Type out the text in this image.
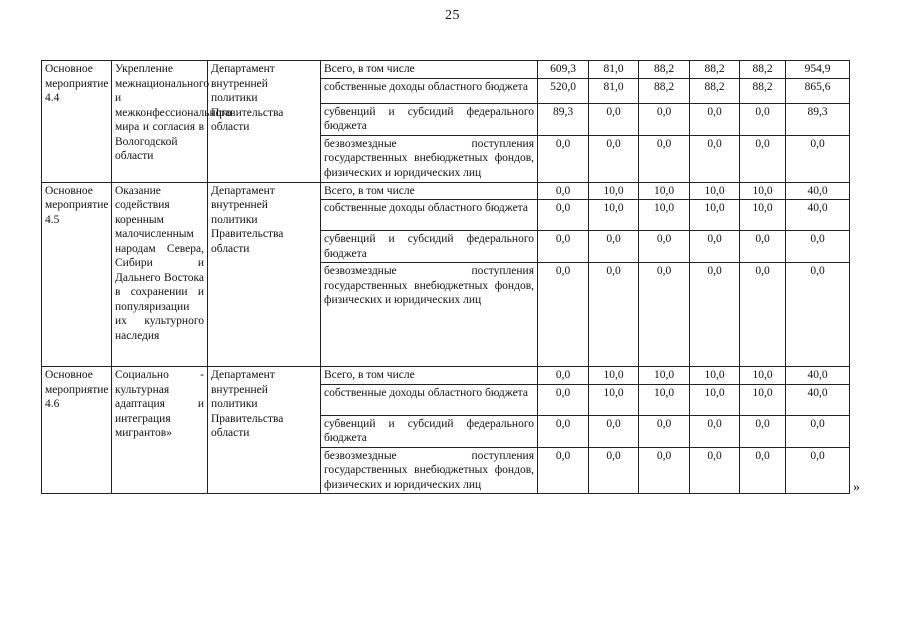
25
Основное мероприятие 4.4	Укрепление межнационального и межконфессионального мира и согласия в Вологодской области	Департамент внутренней политики Правительства области	Всего, в том числе	609,3	81,0	88,2	88,2	88,2	954,9
			собственные доходы областного бюджета	520,0	81,0	88,2	88,2	88,2	865,6
			субвенций и субсидий федерального бюджета	89,3	0,0	0,0	0,0	0,0	89,3
			безвозмездные поступления государственных внебюджетных фондов, физических и юридических лиц	0,0	0,0	0,0	0,0	0,0	0,0
Основное мероприятие 4.5	Оказание содействия коренным малочисленным народам Севера, Сибири и Дальнего Востока в сохранении и популяризации их культурного наследия	Департамент внутренней политики Правительства области	Всего, в том числе	0,0	10,0	10,0	10,0	10,0	40,0
			собственные доходы областного бюджета	0,0	10,0	10,0	10,0	10,0	40,0
			субвенций и субсидий федерального бюджета	0,0	0,0	0,0	0,0	0,0	0,0
			безвозмездные поступления государственных внебюджетных фондов, физических и юридических лиц	0,0	0,0	0,0	0,0	0,0	0,0
Основное мероприятие 4.6	Социально - культурная адаптация и интеграция мигрантов»	Департамент внутренней политики Правительства области	Всего, в том числе	0,0	10,0	10,0	10,0	10,0	40,0
			собственные доходы областного бюджета	0,0	10,0	10,0	10,0	10,0	40,0
			субвенций и субсидий федерального бюджета	0,0	0,0	0,0	0,0	0,0	0,0
			безвозмездные поступления государственных внебюджетных фондов, физических и юридических лиц	0,0	0,0	0,0	0,0	0,0	0,0
»
